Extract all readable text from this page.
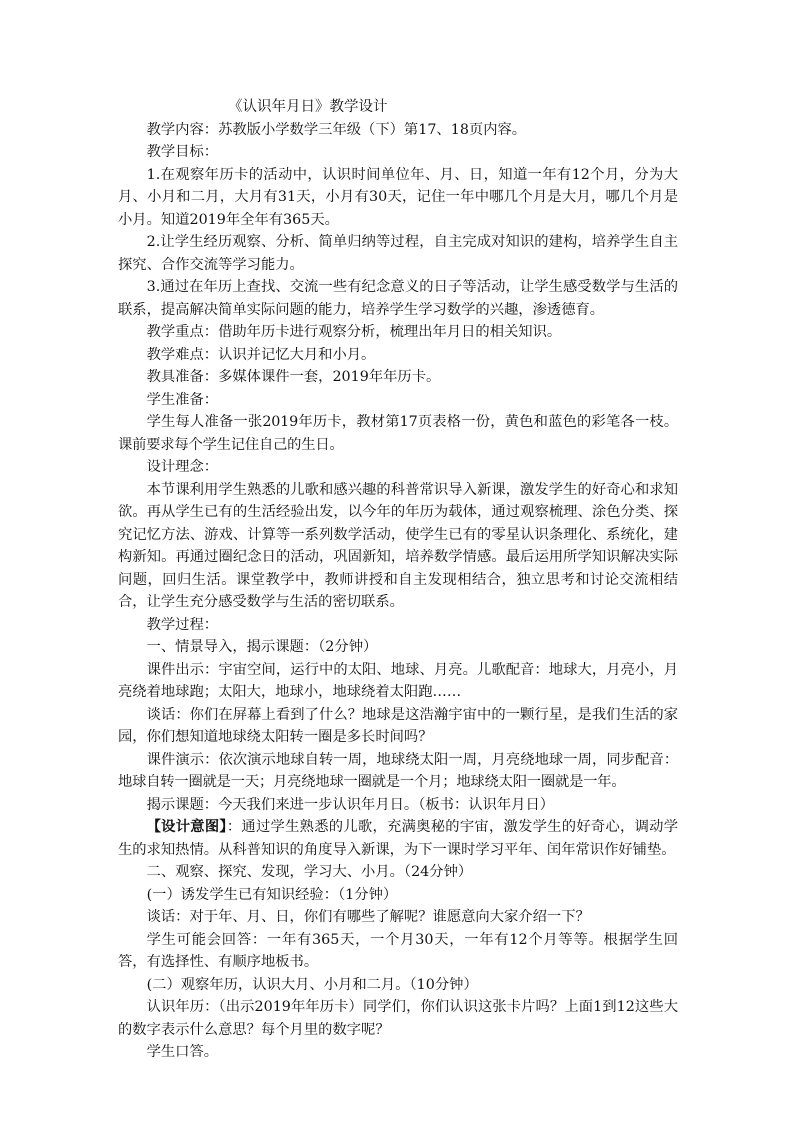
《认识年月日》教学设计

教学内容：苏教版小学数学三年级（下）第17、18页内容。

教学目标：

1.在观察年历卡的活动中，认识时间单位年、月、日，知道一年有12个月，分为大月、小月和二月，大月有31天，小月有30天，记住一年中哪几个月是大月，哪几个月是小月。知道2019年全年有365天。

2.让学生经历观察、分析、简单归纳等过程，自主完成对知识的建构，培养学生自主探究、合作交流等学习能力。

3.通过在年历上查找、交流一些有纪念意义的日子等活动，让学生感受数学与生活的联系，提高解决简单实际问题的能力，培养学生学习数学的兴趣，渗透德育。

教学重点：借助年历卡进行观察分析，梳理出年月日的相关知识。

教学难点：认识并记忆大月和小月。

教具准备：多媒体课件一套，2019年年历卡。

学生准备：

学生每人准备一张2019年历卡，教材第17页表格一份，黄色和蓝色的彩笔各一枝。课前要求每个学生记住自己的生日。

设计理念：

本节课利用学生熟悉的儿歌和感兴趣的科普常识导入新课，激发学生的好奇心和求知欲。再从学生已有的生活经验出发，以今年的年历为载体，通过观察梳理、涂色分类、探究记忆方法、游戏、计算等一系列数学活动，使学生已有的零星认识条理化、系统化，建构新知。再通过圈纪念日的活动，巩固新知，培养数学情感。最后运用所学知识解决实际问题，回归生活。课堂教学中，教师讲授和自主发现相结合，独立思考和讨论交流相结合，让学生充分感受数学与生活的密切联系。

教学过程：

一、情景导入，揭示课题：（2分钟）

课件出示：宇宙空间，运行中的太阳、地球、月亮。儿歌配音：地球大，月亮小，月亮绕着地球跑；太阳大，地球小，地球绕着太阳跑……

谈话：你们在屏幕上看到了什么？地球是这浩瀚宇宙中的一颗行星，是我们生活的家园，你们想知道地球绕太阳转一圈是多长时间吗？

课件演示：依次演示地球自转一周，地球绕太阳一周，月亮绕地球一周，同步配音：地球自转一圈就是一天；月亮绕地球一圈就是一个月；地球绕太阳一圈就是一年。

揭示课题：今天我们来进一步认识年月日。（板书：认识年月日）

【设计意图】：通过学生熟悉的儿歌，充满奥秘的宇宙，激发学生的好奇心，调动学生的求知热情。从科普知识的角度导入新课，为下一课时学习平年、闰年常识作好铺垫。

二、观察、探究、发现，学习大、小月。（24分钟）

(一）诱发学生已有知识经验：（1分钟）

谈话：对于年、月、日，你们有哪些了解呢？谁愿意向大家介绍一下？

学生可能会回答：一年有365天，一个月30天，一年有12个月等等。根据学生回答，有选择性、有顺序地板书。

(二）观察年历，认识大月、小月和二月。（10分钟）

认识年历：（出示2019年年历卡）同学们，你们认识这张卡片吗？上面1到12这些大的数字表示什么意思？每个月里的数字呢？

学生口答。
